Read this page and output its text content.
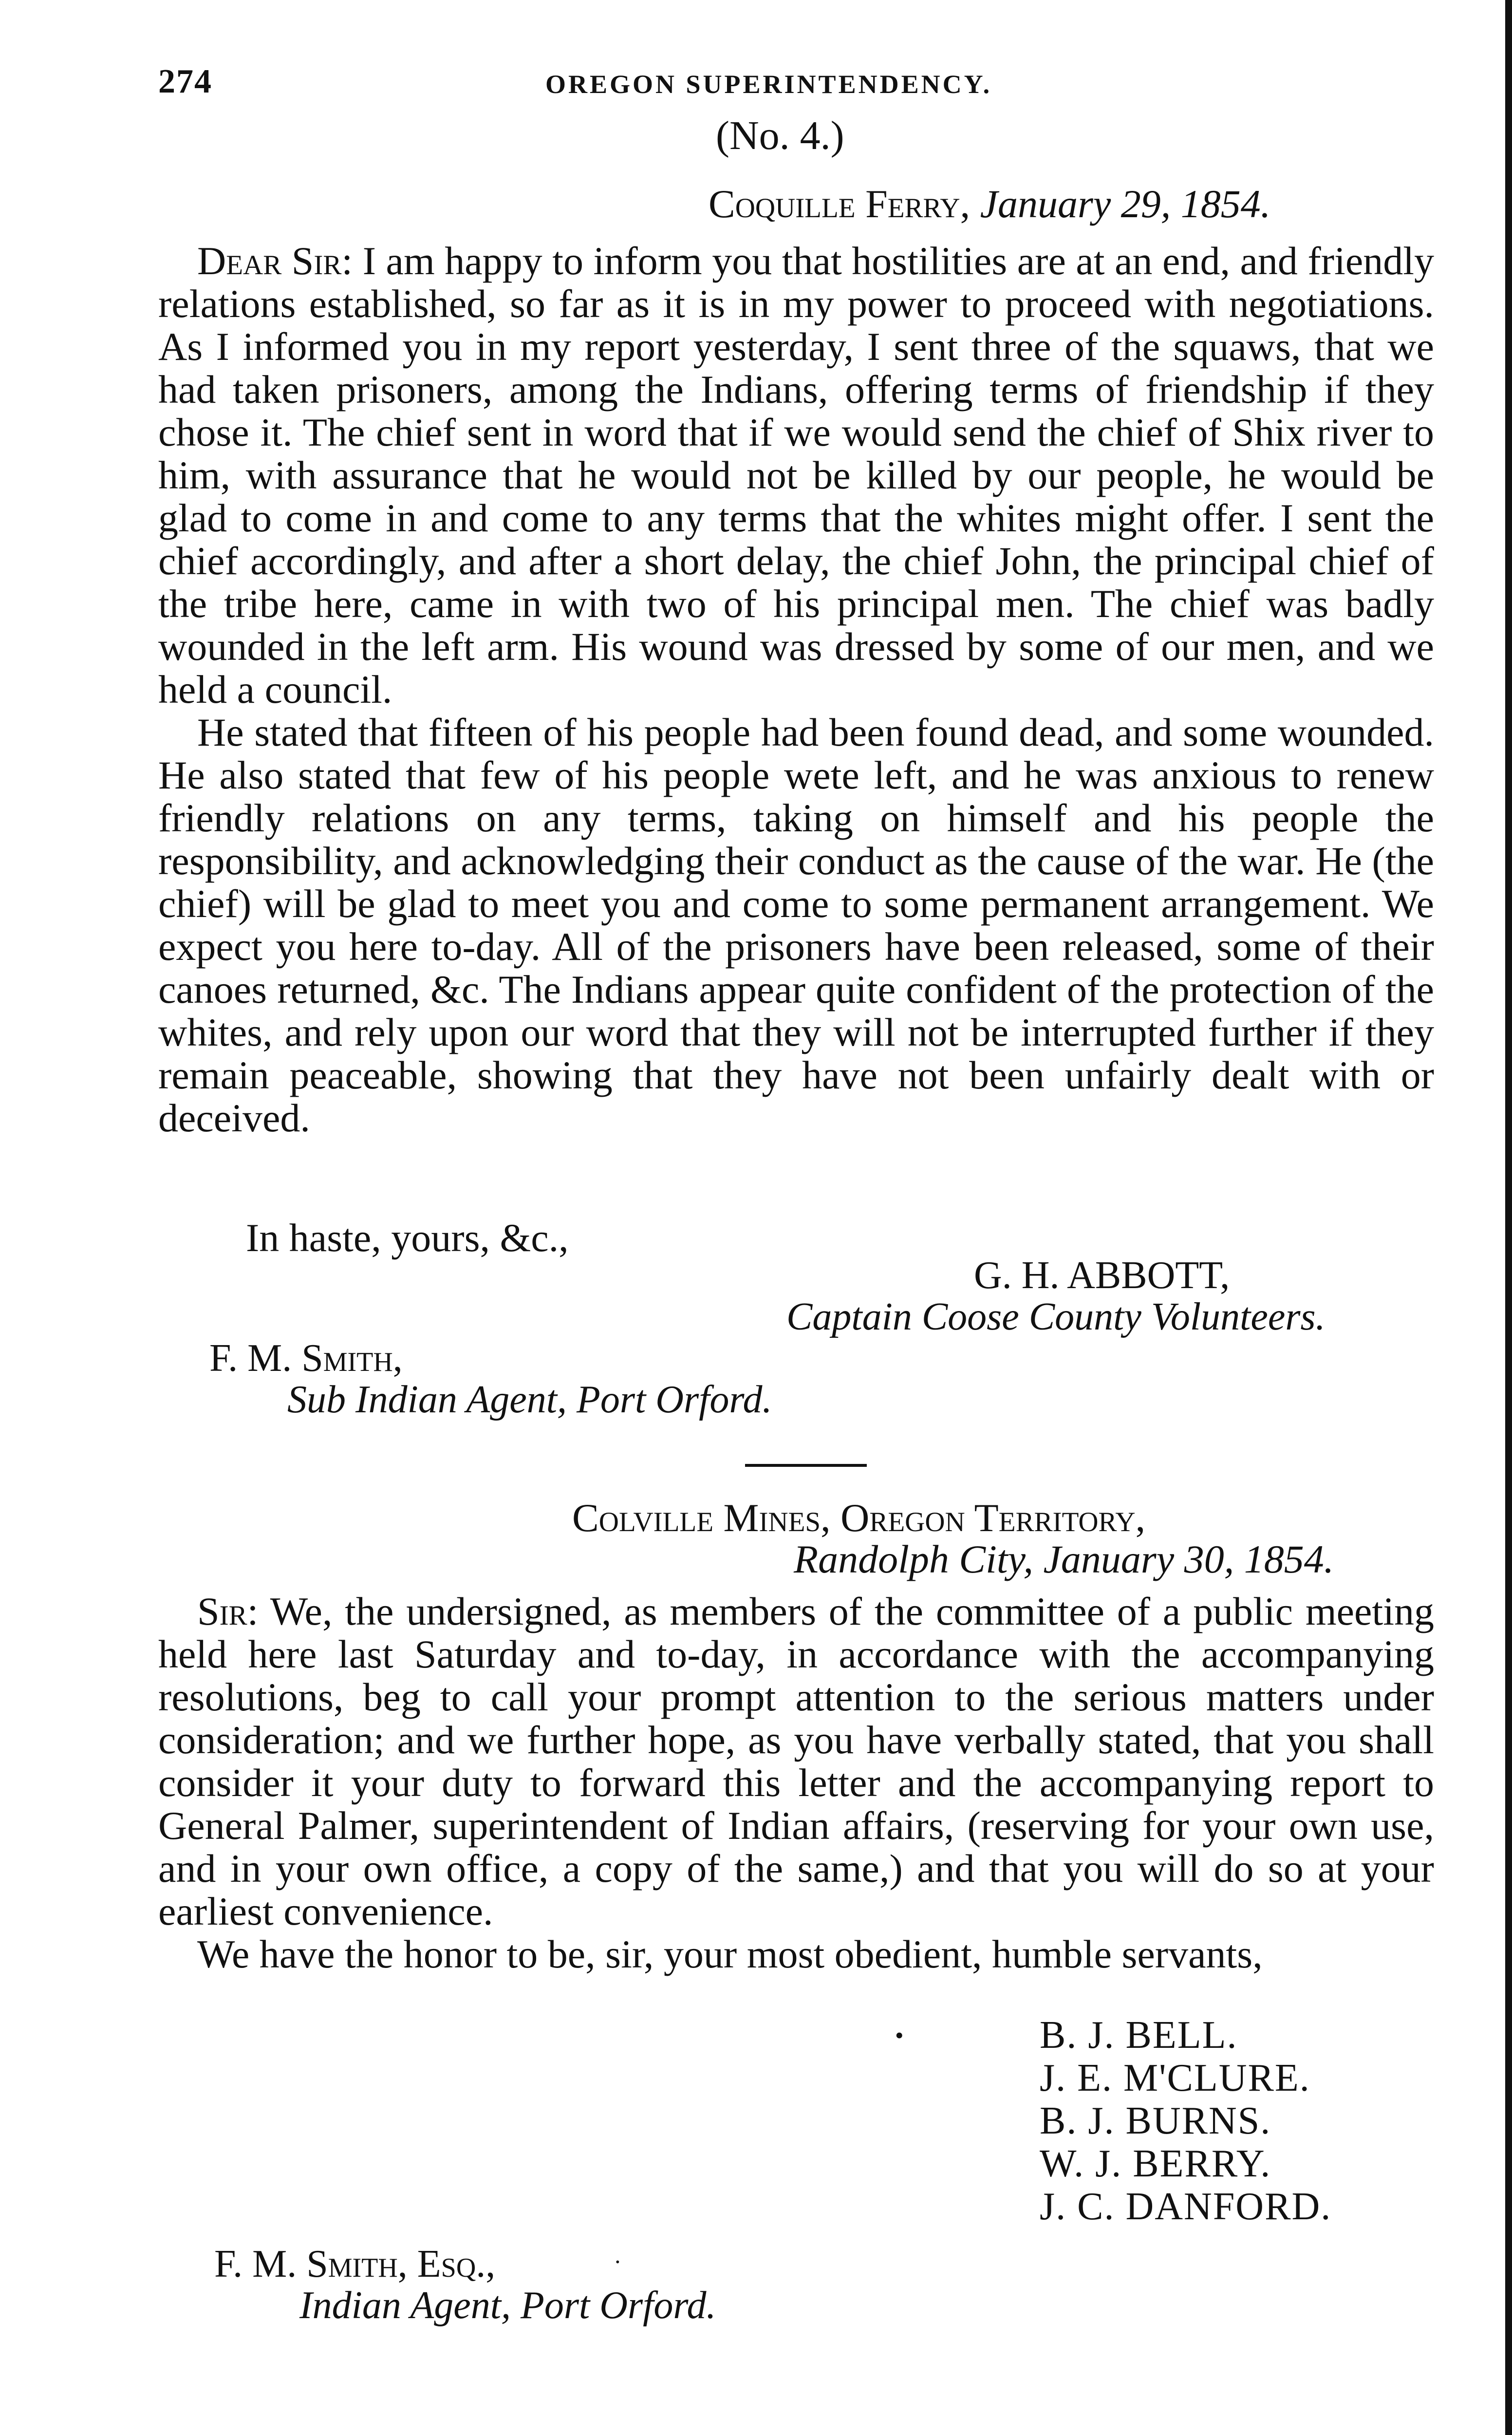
274	OREGON SUPERINTENDENCY.
(No. 4.)
Coquille Ferry, January 29, 1854.

Dear Sir: I am happy to inform you that hostilities are at an end, and friendly relations established, so far as it is in my power to proceed with negotiations. As I informed you in my report yesterday, I sent three of the squaws, that we had taken prisoners, among the Indians, offering terms of friendship if they chose it. The chief sent in word that if we would send the chief of Shix river to him, with assurance that he would not be killed by our people, he would be glad to come in and come to any terms that the whites might offer. I sent the chief accordingly, and after a short delay, the chief John, the principal chief of the tribe here, came in with two of his principal men. The chief was badly wounded in the left arm. His wound was dressed by some of our men, and we held a council.

He stated that fifteen of his people had been found dead, and some wounded. He also stated that few of his people wete left, and he was anxious to renew friendly relations on any terms, taking on himself and his people the responsibility, and acknowledging their conduct as the cause of the war. He (the chief) will be glad to meet you and come to some permanent arrangement. We expect you here to-day. All of the prisoners have been released, some of their canoes returned, &c. The Indians appear quite confident of the protection of the whites, and rely upon our word that they will not be interrupted further if they remain peaceable, showing that they have not been unfairly dealt with or deceived.

In haste, yours, &c.,
G. H. ABBOTT,
Captain Coose County Volunteers.
F. M. Smith,
Sub Indian Agent, Port Orford.
Colville Mines, Oregon Territory,
Randolph City, January 30, 1854.

Sir: We, the undersigned, as members of the committee of a public meeting held here last Saturday and to-day, in accordance with the accompanying resolutions, beg to call your prompt attention to the serious matters under consideration; and we further hope, as you have verbally stated, that you shall consider it your duty to forward this letter and the accompanying report to General Palmer, superintendent of Indian affairs, (reserving for your own use, and in your own office, a copy of the same,) and that you will do so at your earliest convenience.

We have the honor to be, sir, your most obedient, humble servants,

•	B. J. BELL.
J. E. M'CLURE.
B. J. BURNS.
W. J. BERRY.
J. C. DANFORD.
F. M. Smith, Esq.,	·
Indian Agent, Port Orford.
